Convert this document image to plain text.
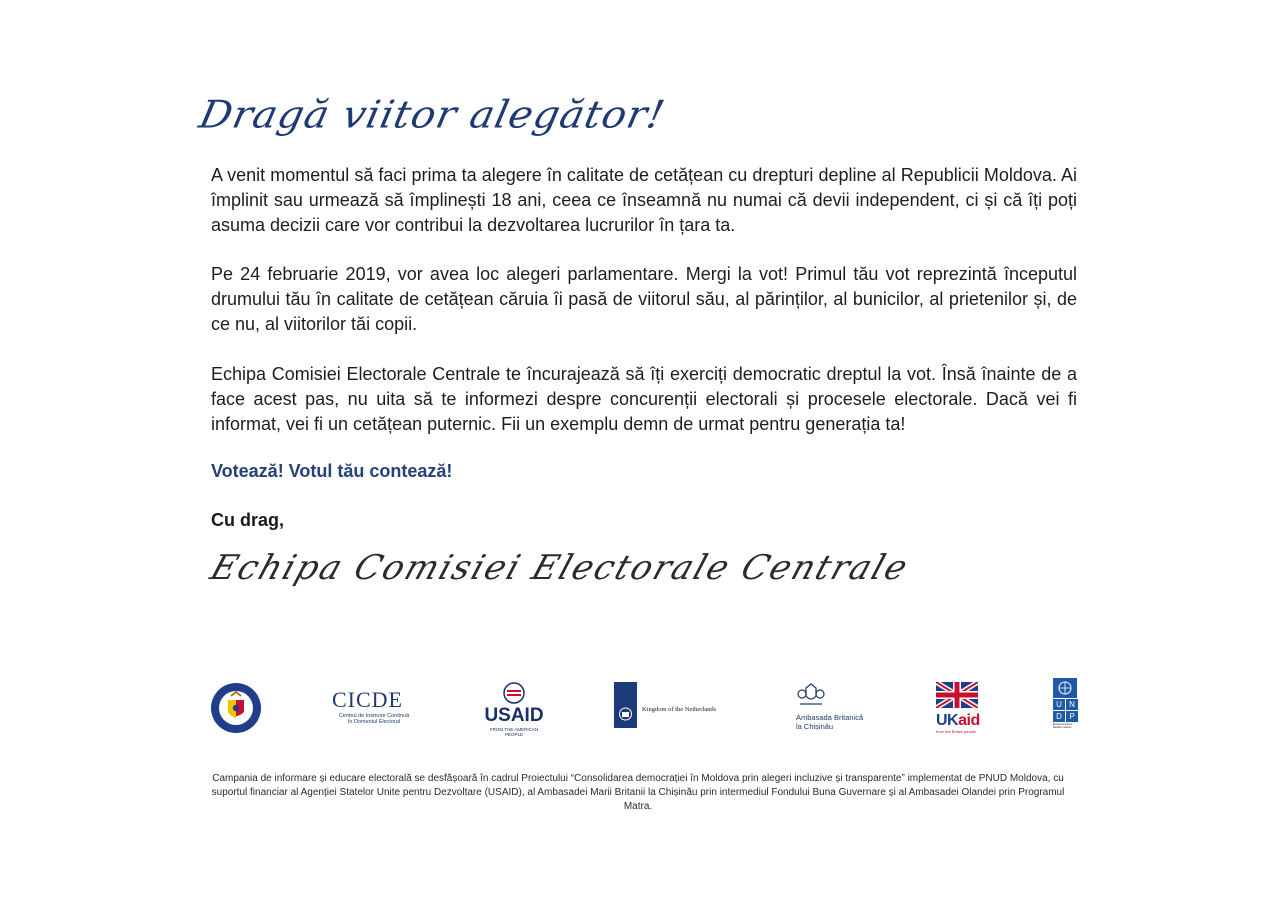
Dragă viitor alegător!

A venit momentul să faci prima ta alegere în calitate de cetățean cu drepturi depline al Republicii Moldova. Ai împlinit sau urmează să împlinești 18 ani, ceea ce înseamnă nu numai că devii independent, ci și că îți poți asuma decizii care vor contribui la dezvoltarea lucrurilor în țara ta.

Pe 24 februarie 2019, vor avea loc alegeri parlamentare. Mergi la vot! Primul tău vot reprezintă începutul drumului tău în calitate de cetățean căruia îi pasă de viitorul său, al părinților, al bunicilor, al prietenilor și, de ce nu, al viitorilor tăi copii.

Echipa Comisiei Electorale Centrale te încurajează să îți exerciți democratic dreptul la vot. Însă înainte de a face acest pas, nu uita să te informezi despre concurenții electorali și procesele electorale. Dacă vei fi informat, vei fi un cetățean puternic. Fii un exemplu demn de urmat pentru generația ta!

Votează! Votul tău contează!
Cu drag,
Echipa Comisiei Electorale Centrale
CICDE
Centrul de Instruire Continuă
în Domeniul Electoral	USAID
FROM THE AMERICAN PEOPLE
Kingdom of the Netherlands
Ambasada Britanică
la Chișinău	UKaid
from the British people
U N
D P
Empowered lives. Resilient nations.
Campania de informare și educare electorală se desfășoară în cadrul Proiectului “Consolidarea democrației în Moldova prin alegeri incluzive și transparente” implementat de PNUD Moldova, cu suportul financiar al Agenției Statelor Unite pentru Dezvoltare (USAID), al Ambasadei Marii Britanii la Chișinău prin intermediul Fondului Buna Guvernare și al Ambasadei Olandei prin Programul Matra.
